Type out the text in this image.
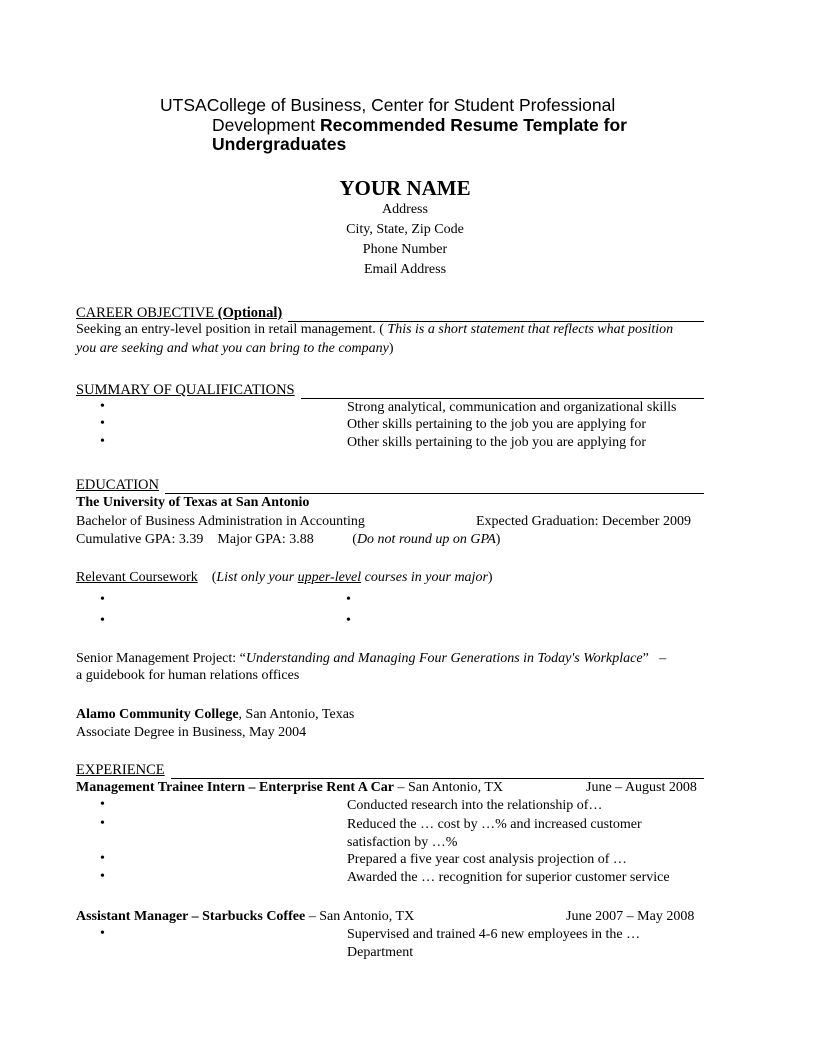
UTSACollege of Business, Center for Student Professional
Development Recommended Resume Template for
Undergraduates
YOUR NAME
Address
City, State, Zip Code
Phone Number
Email Address
CAREER OBJECTIVE (Optional)
Seeking an entry-level position in retail management. ( This is a short statement that reflects what position
you are seeking and what you can bring to the company)
SUMMARY OF QUALIFICATIONS
•	Strong analytical, communication and organizational skills
•	Other skills pertaining to the job you are applying for
•	Other skills pertaining to the job you are applying for
EDUCATION
The University of Texas at San Antonio
Bachelor of Business Administration in Accounting	Expected Graduation: December 2009
Cumulative GPA: 3.39    Major GPA: 3.88	(Do not round up on GPA)
Relevant Coursework (List only your upper-level courses in your major)
•	•
•	•
Senior Management Project: “Understanding and Managing Four Generations in Today's Workplace”   –
a guidebook for human relations offices
Alamo Community College, San Antonio, Texas
Associate Degree in Business, May 2004
EXPERIENCE
Management Trainee Intern – Enterprise Rent A Car – San Antonio, TX	June – August 2008
•	Conducted research into the relationship of…
•	Reduced the … cost by …% and increased customer
satisfaction by …%
•	Prepared a five year cost analysis projection of …
•	Awarded the … recognition for superior customer service
Assistant Manager – Starbucks Coffee – San Antonio, TX	June 2007 – May 2008
•	Supervised and trained 4-6 new employees in the …
Department
